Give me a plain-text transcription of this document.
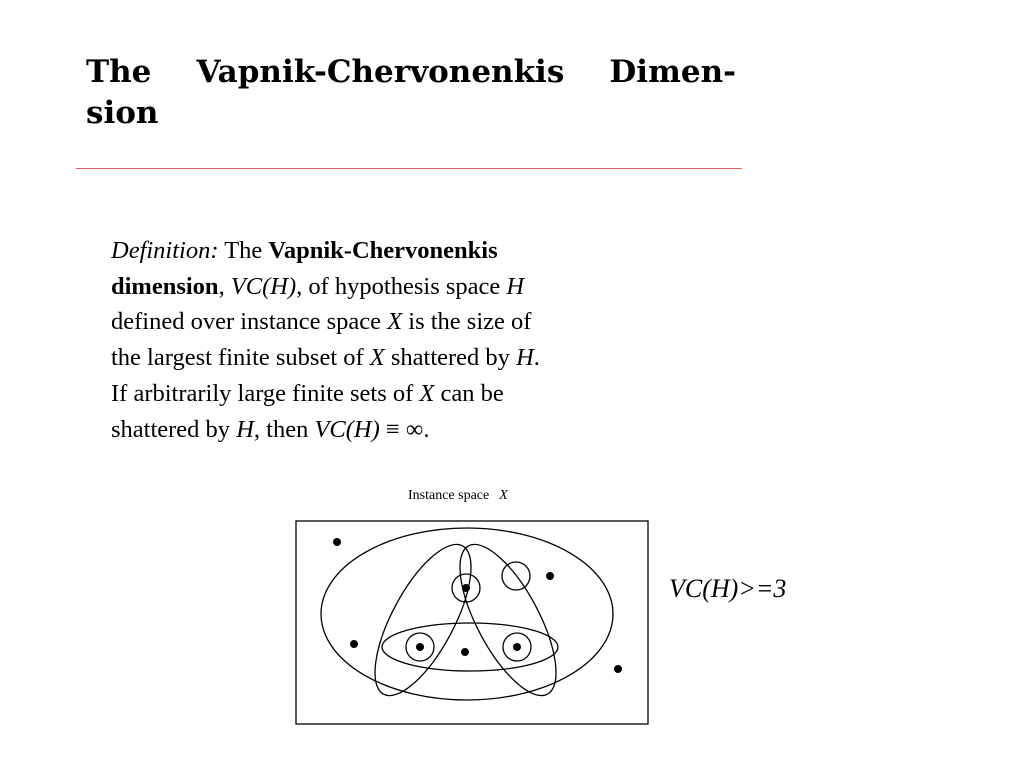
The Vapnik-Chervonenkis Dimen-
sion
Definition: The Vapnik-Chervonenkis
dimension, VC(H), of hypothesis space H
defined over instance space X is the size of
the largest finite subset of X shattered by H.
If arbitrarily large finite sets of X can be
shattered by H, then VC(H) ≡ ∞.
Instance space X
VC(H)>=3
